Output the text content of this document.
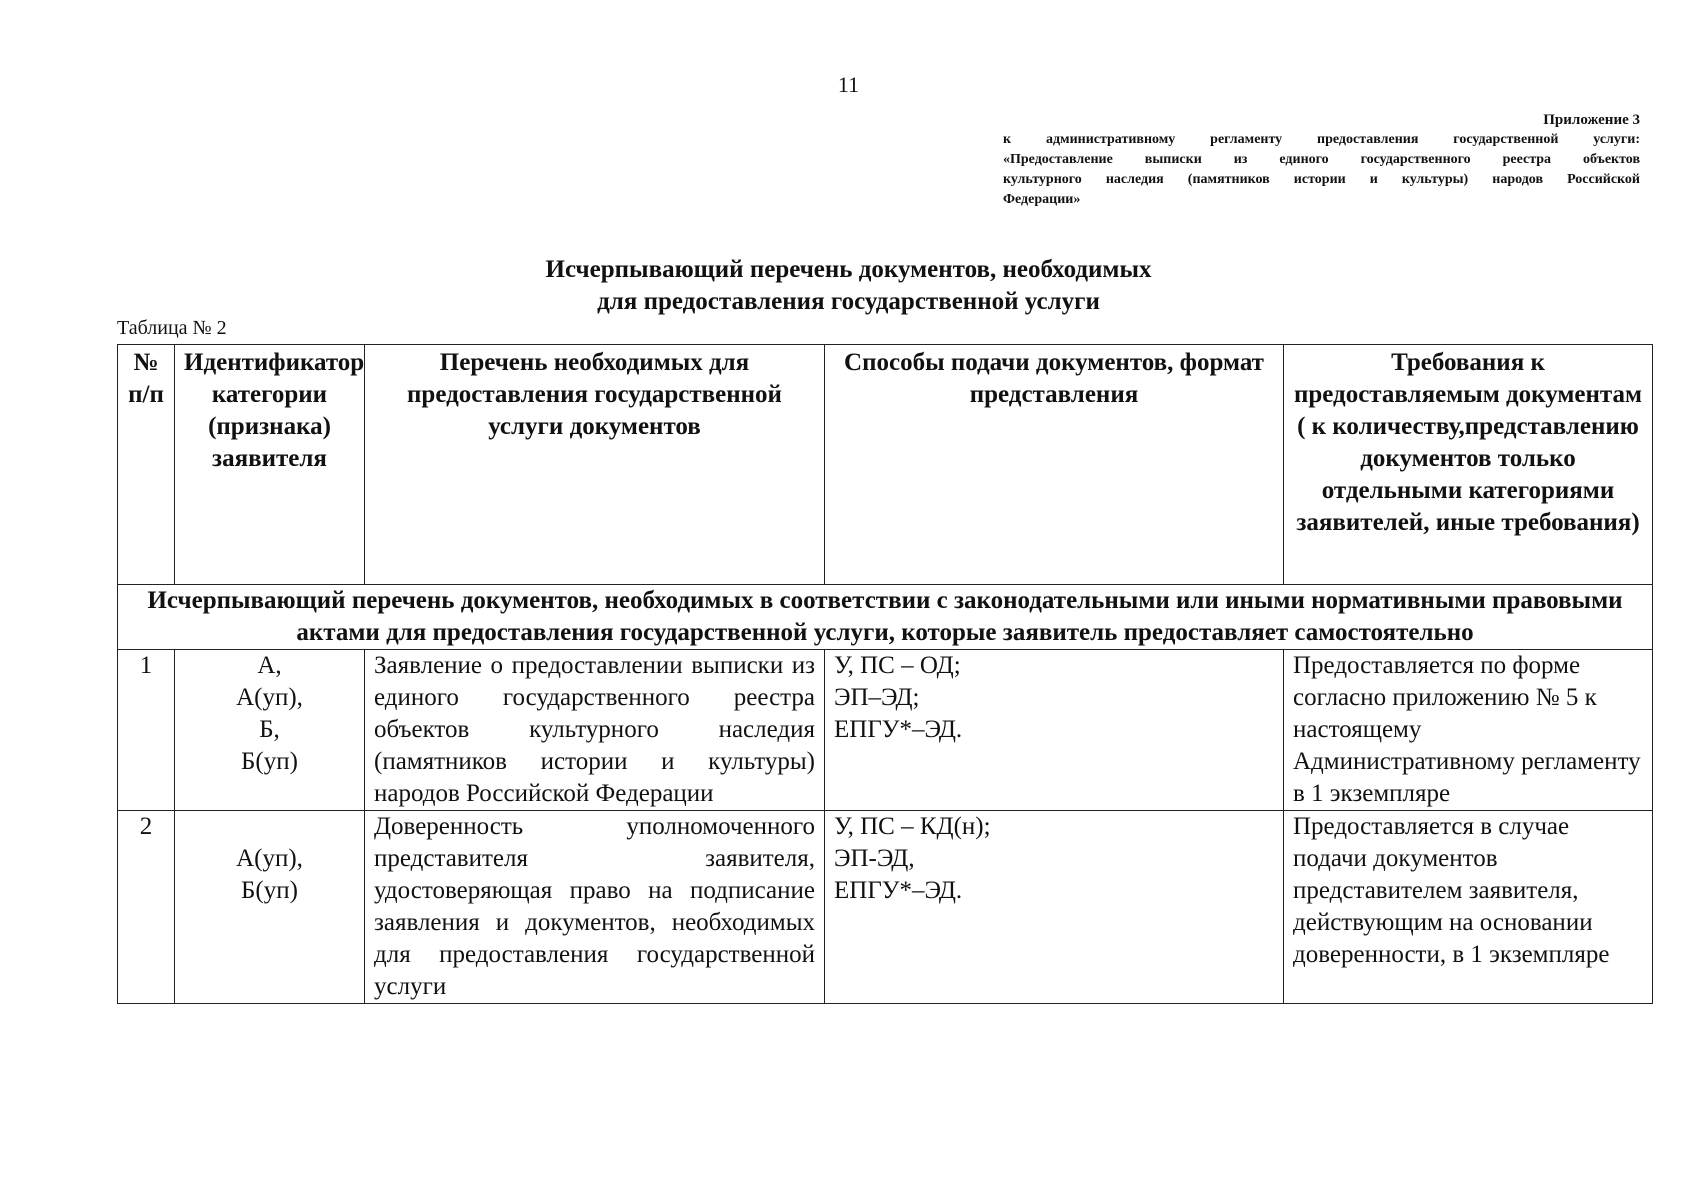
11
Приложение 3
к административному регламенту предоставления государственной услуги:
«Предоставление выписки из единого государственного реестра объектов
культурного наследия (памятников истории и культуры) народов Российской
Федерации»
Исчерпывающий перечень документов, необходимых
для предоставления государственной услуги
Таблица № 2
№ п/п	Идентификатор категории (признака) заявителя	Перечень необходимых для предоставления государственной услуги документов	Способы подачи документов, формат представления	Требования к предоставляемым документам ( к количеству,представлению документов только отдельными категориями заявителей, иные требования)
Исчерпывающий перечень документов, необходимых в соответствии с законодательными или иными нормативными правовыми актами для предоставления государственной услуги, которые заявитель предоставляет самостоятельно				
1	А,
А(уп),
Б,
Б(уп)	Заявление о предоставлении выписки из единого государственного реестра объектов культурного наследия (памятников истории и культуры) народов Российской Федерации	У, ПС – ОД;
ЭП–ЭД;
ЕПГУ*–ЭД.	Предоставляется по форме согласно приложению № 5 к настоящему Административному регламенту в 1 экземпляре
2	А(уп),
Б(уп)	Доверенность уполномоченного представителя заявителя, удостоверяющая право на подписание заявления и документов, необходимых для предоставления государственной услуги	У, ПС – КД(н);
ЭП-ЭД,
ЕПГУ*–ЭД.	Предоставляется в случае подачи документов представителем заявителя, действующим на основании доверенности, в 1 экземпляре
